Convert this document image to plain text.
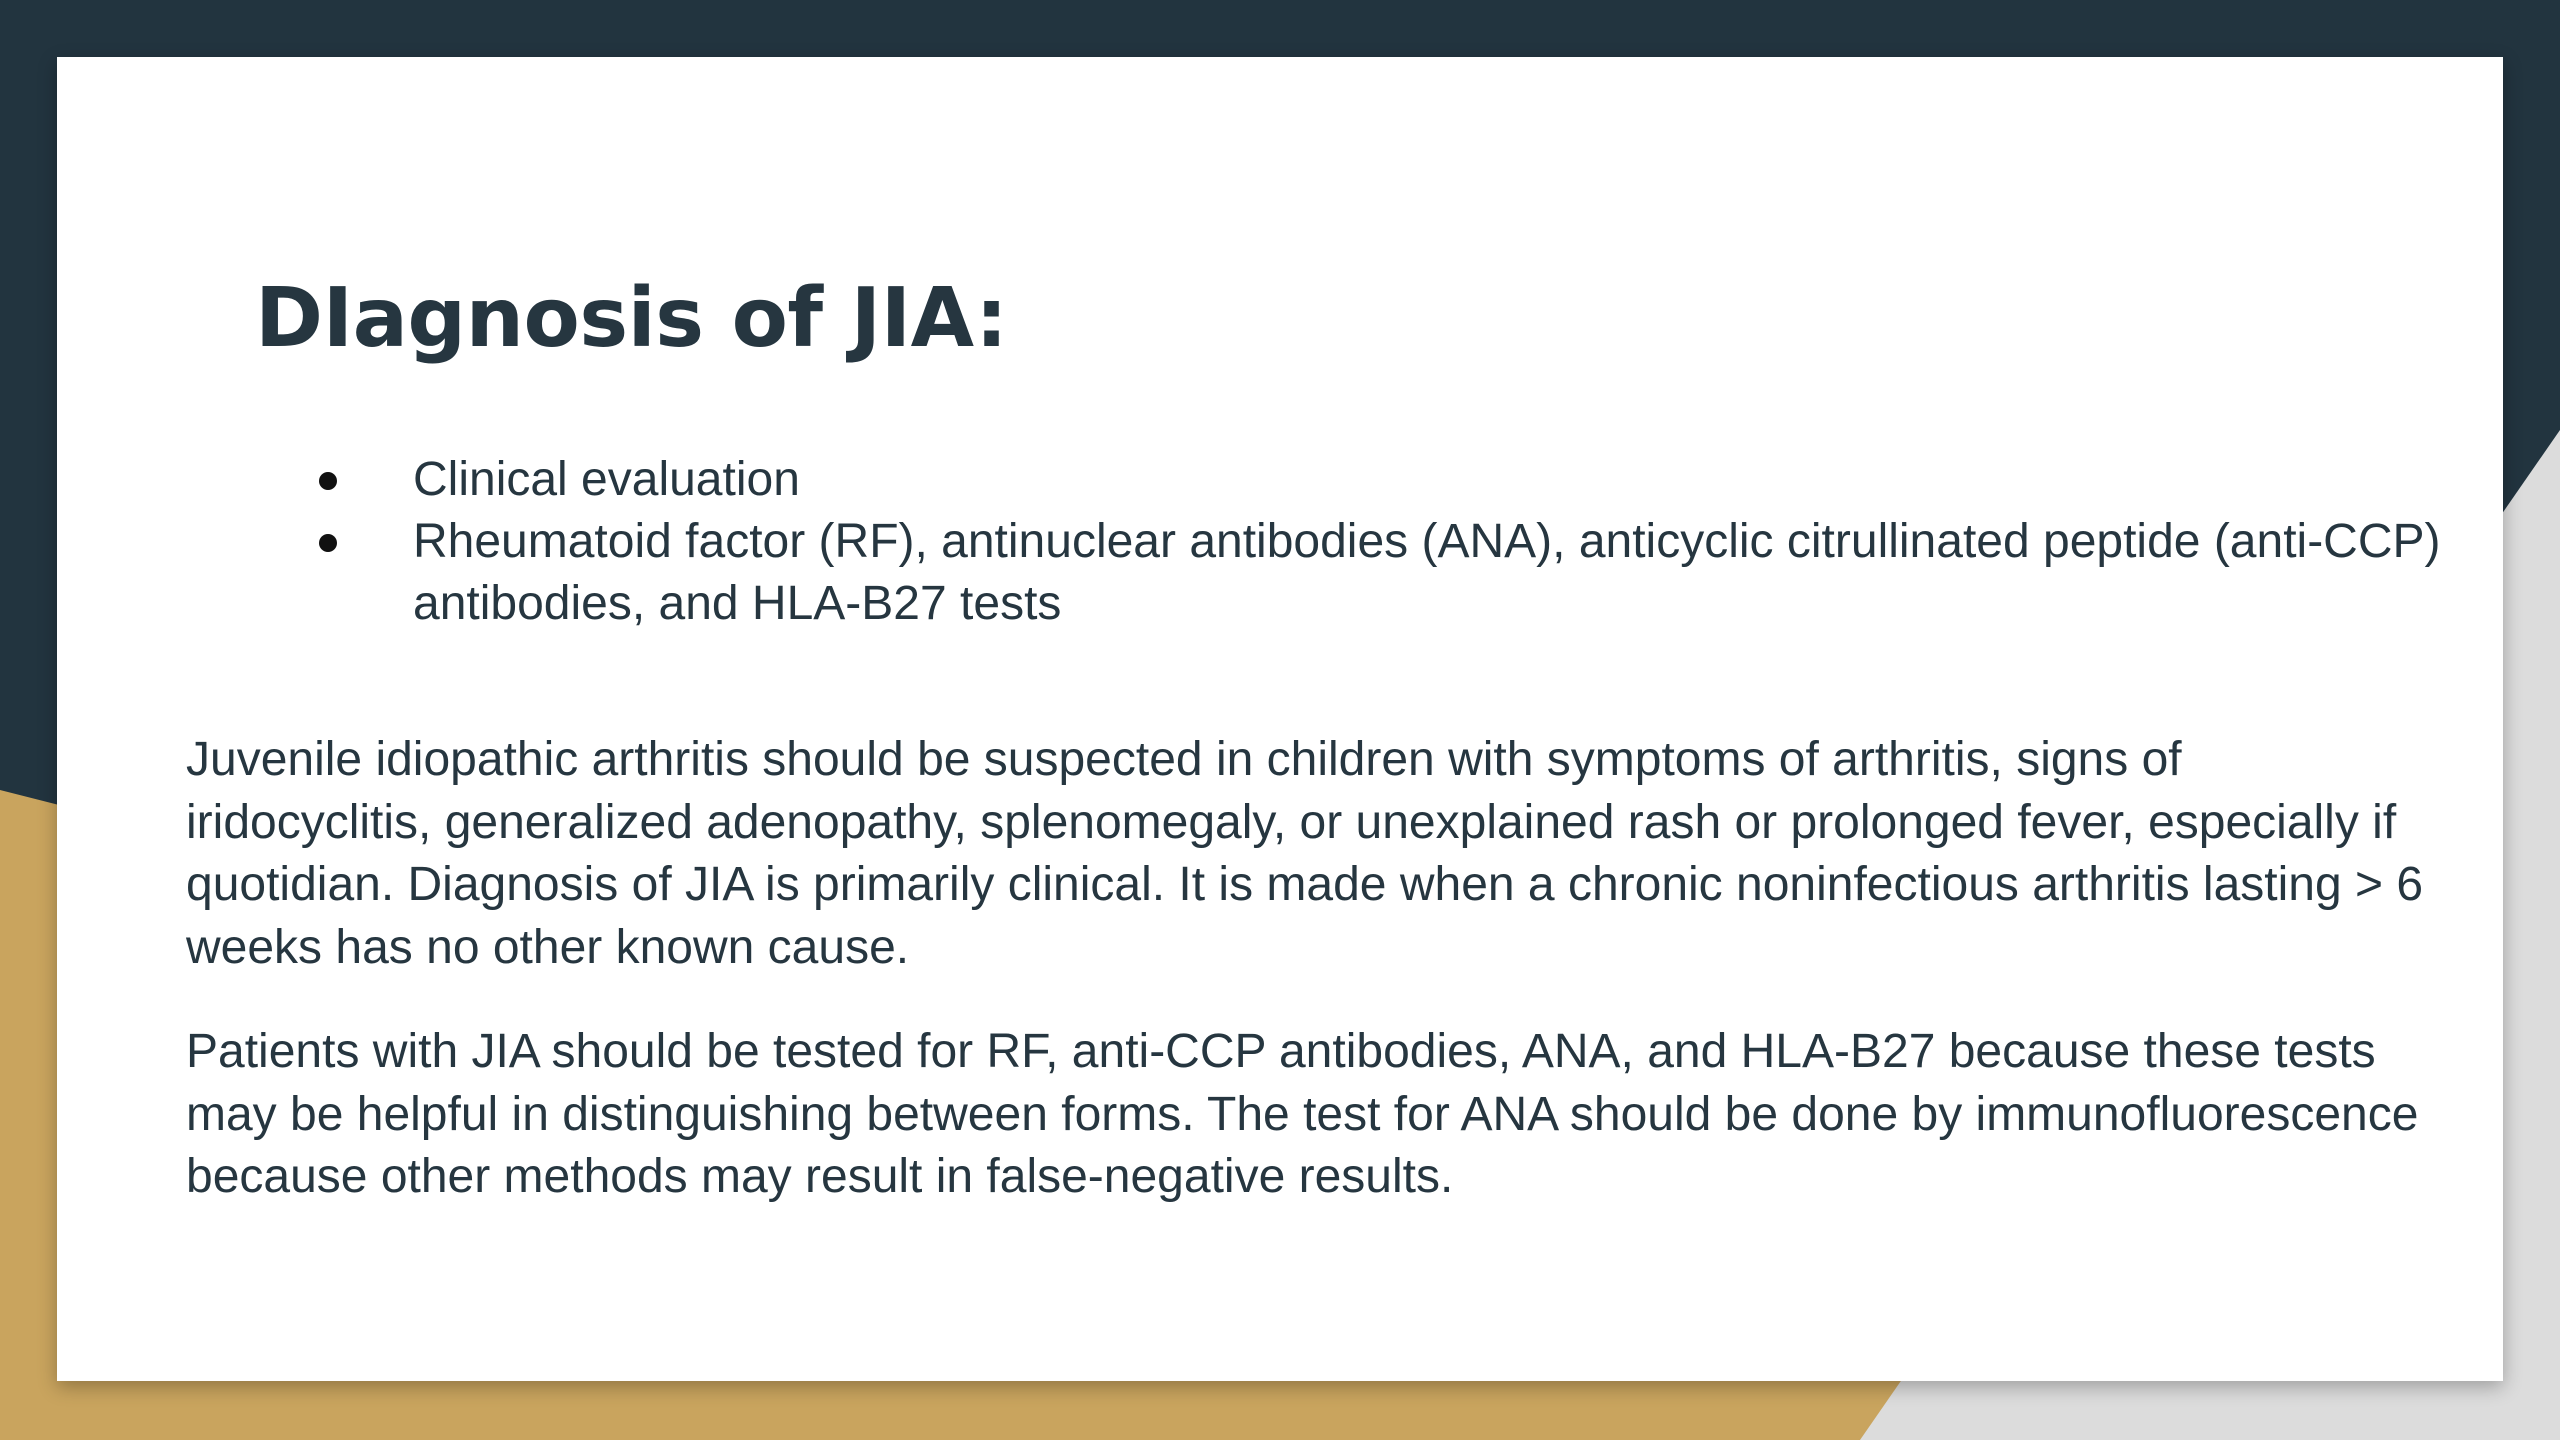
DIagnosis of JIA:
Clinical evaluation
Rheumatoid factor (RF), antinuclear antibodies (ANA), anticyclic citrullinated peptide (anti-CCP) antibodies, and HLA-B27 tests

Juvenile idiopathic arthritis should be suspected in children with symptoms of arthritis, signs of iridocyclitis, generalized adenopathy, splenomegaly, or unexplained rash or prolonged fever, especially if quotidian. Diagnosis of JIA is primarily clinical. It is made when a chronic noninfectious arthritis lasting > 6 weeks has no other known cause.

Patients with JIA should be tested for RF, anti-CCP antibodies, ANA, and HLA-B27 because these tests may be helpful in distinguishing between forms. The test for ANA should be done by immunofluorescence because other methods may result in false-negative results.
